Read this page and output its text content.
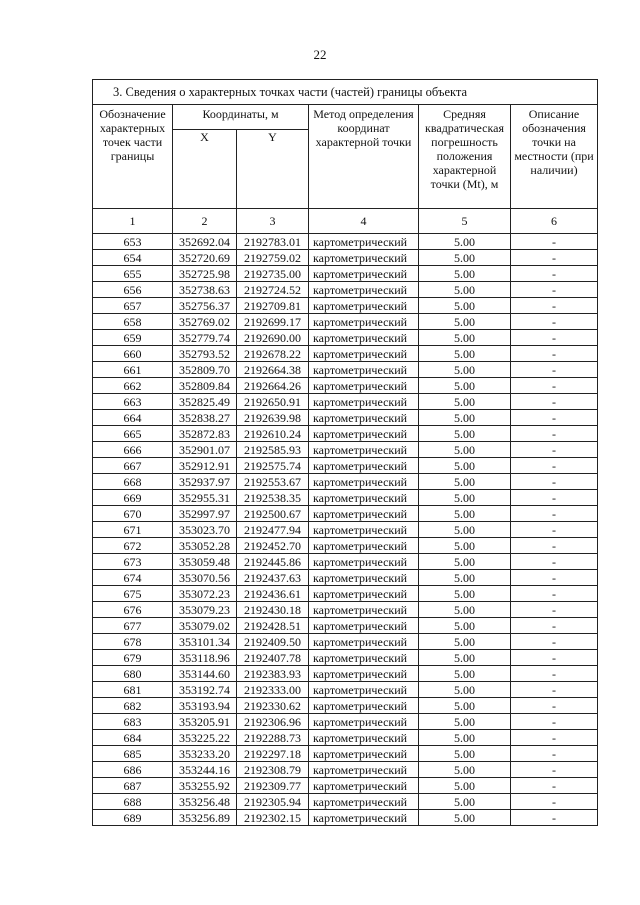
22
3. Сведения о характерных точках части (частей) границы объекта					
Обозначение характерных точек части границы	Координаты, м		Метод определения координат характерной точки	Средняя квадратическая погрешность положения характерной точки (Mt), м	Описание обозначения точки на местности (при наличии)
	X	Y			
1	2	3	4	5	6
653	352692.04	2192783.01	картометрический	5.00	-
654	352720.69	2192759.02	картометрический	5.00	-
655	352725.98	2192735.00	картометрический	5.00	-
656	352738.63	2192724.52	картометрический	5.00	-
657	352756.37	2192709.81	картометрический	5.00	-
658	352769.02	2192699.17	картометрический	5.00	-
659	352779.74	2192690.00	картометрический	5.00	-
660	352793.52	2192678.22	картометрический	5.00	-
661	352809.70	2192664.38	картометрический	5.00	-
662	352809.84	2192664.26	картометрический	5.00	-
663	352825.49	2192650.91	картометрический	5.00	-
664	352838.27	2192639.98	картометрический	5.00	-
665	352872.83	2192610.24	картометрический	5.00	-
666	352901.07	2192585.93	картометрический	5.00	-
667	352912.91	2192575.74	картометрический	5.00	-
668	352937.97	2192553.67	картометрический	5.00	-
669	352955.31	2192538.35	картометрический	5.00	-
670	352997.97	2192500.67	картометрический	5.00	-
671	353023.70	2192477.94	картометрический	5.00	-
672	353052.28	2192452.70	картометрический	5.00	-
673	353059.48	2192445.86	картометрический	5.00	-
674	353070.56	2192437.63	картометрический	5.00	-
675	353072.23	2192436.61	картометрический	5.00	-
676	353079.23	2192430.18	картометрический	5.00	-
677	353079.02	2192428.51	картометрический	5.00	-
678	353101.34	2192409.50	картометрический	5.00	-
679	353118.96	2192407.78	картометрический	5.00	-
680	353144.60	2192383.93	картометрический	5.00	-
681	353192.74	2192333.00	картометрический	5.00	-
682	353193.94	2192330.62	картометрический	5.00	-
683	353205.91	2192306.96	картометрический	5.00	-
684	353225.22	2192288.73	картометрический	5.00	-
685	353233.20	2192297.18	картометрический	5.00	-
686	353244.16	2192308.79	картометрический	5.00	-
687	353255.92	2192309.77	картометрический	5.00	-
688	353256.48	2192305.94	картометрический	5.00	-
689	353256.89	2192302.15	картометрический	5.00	-
